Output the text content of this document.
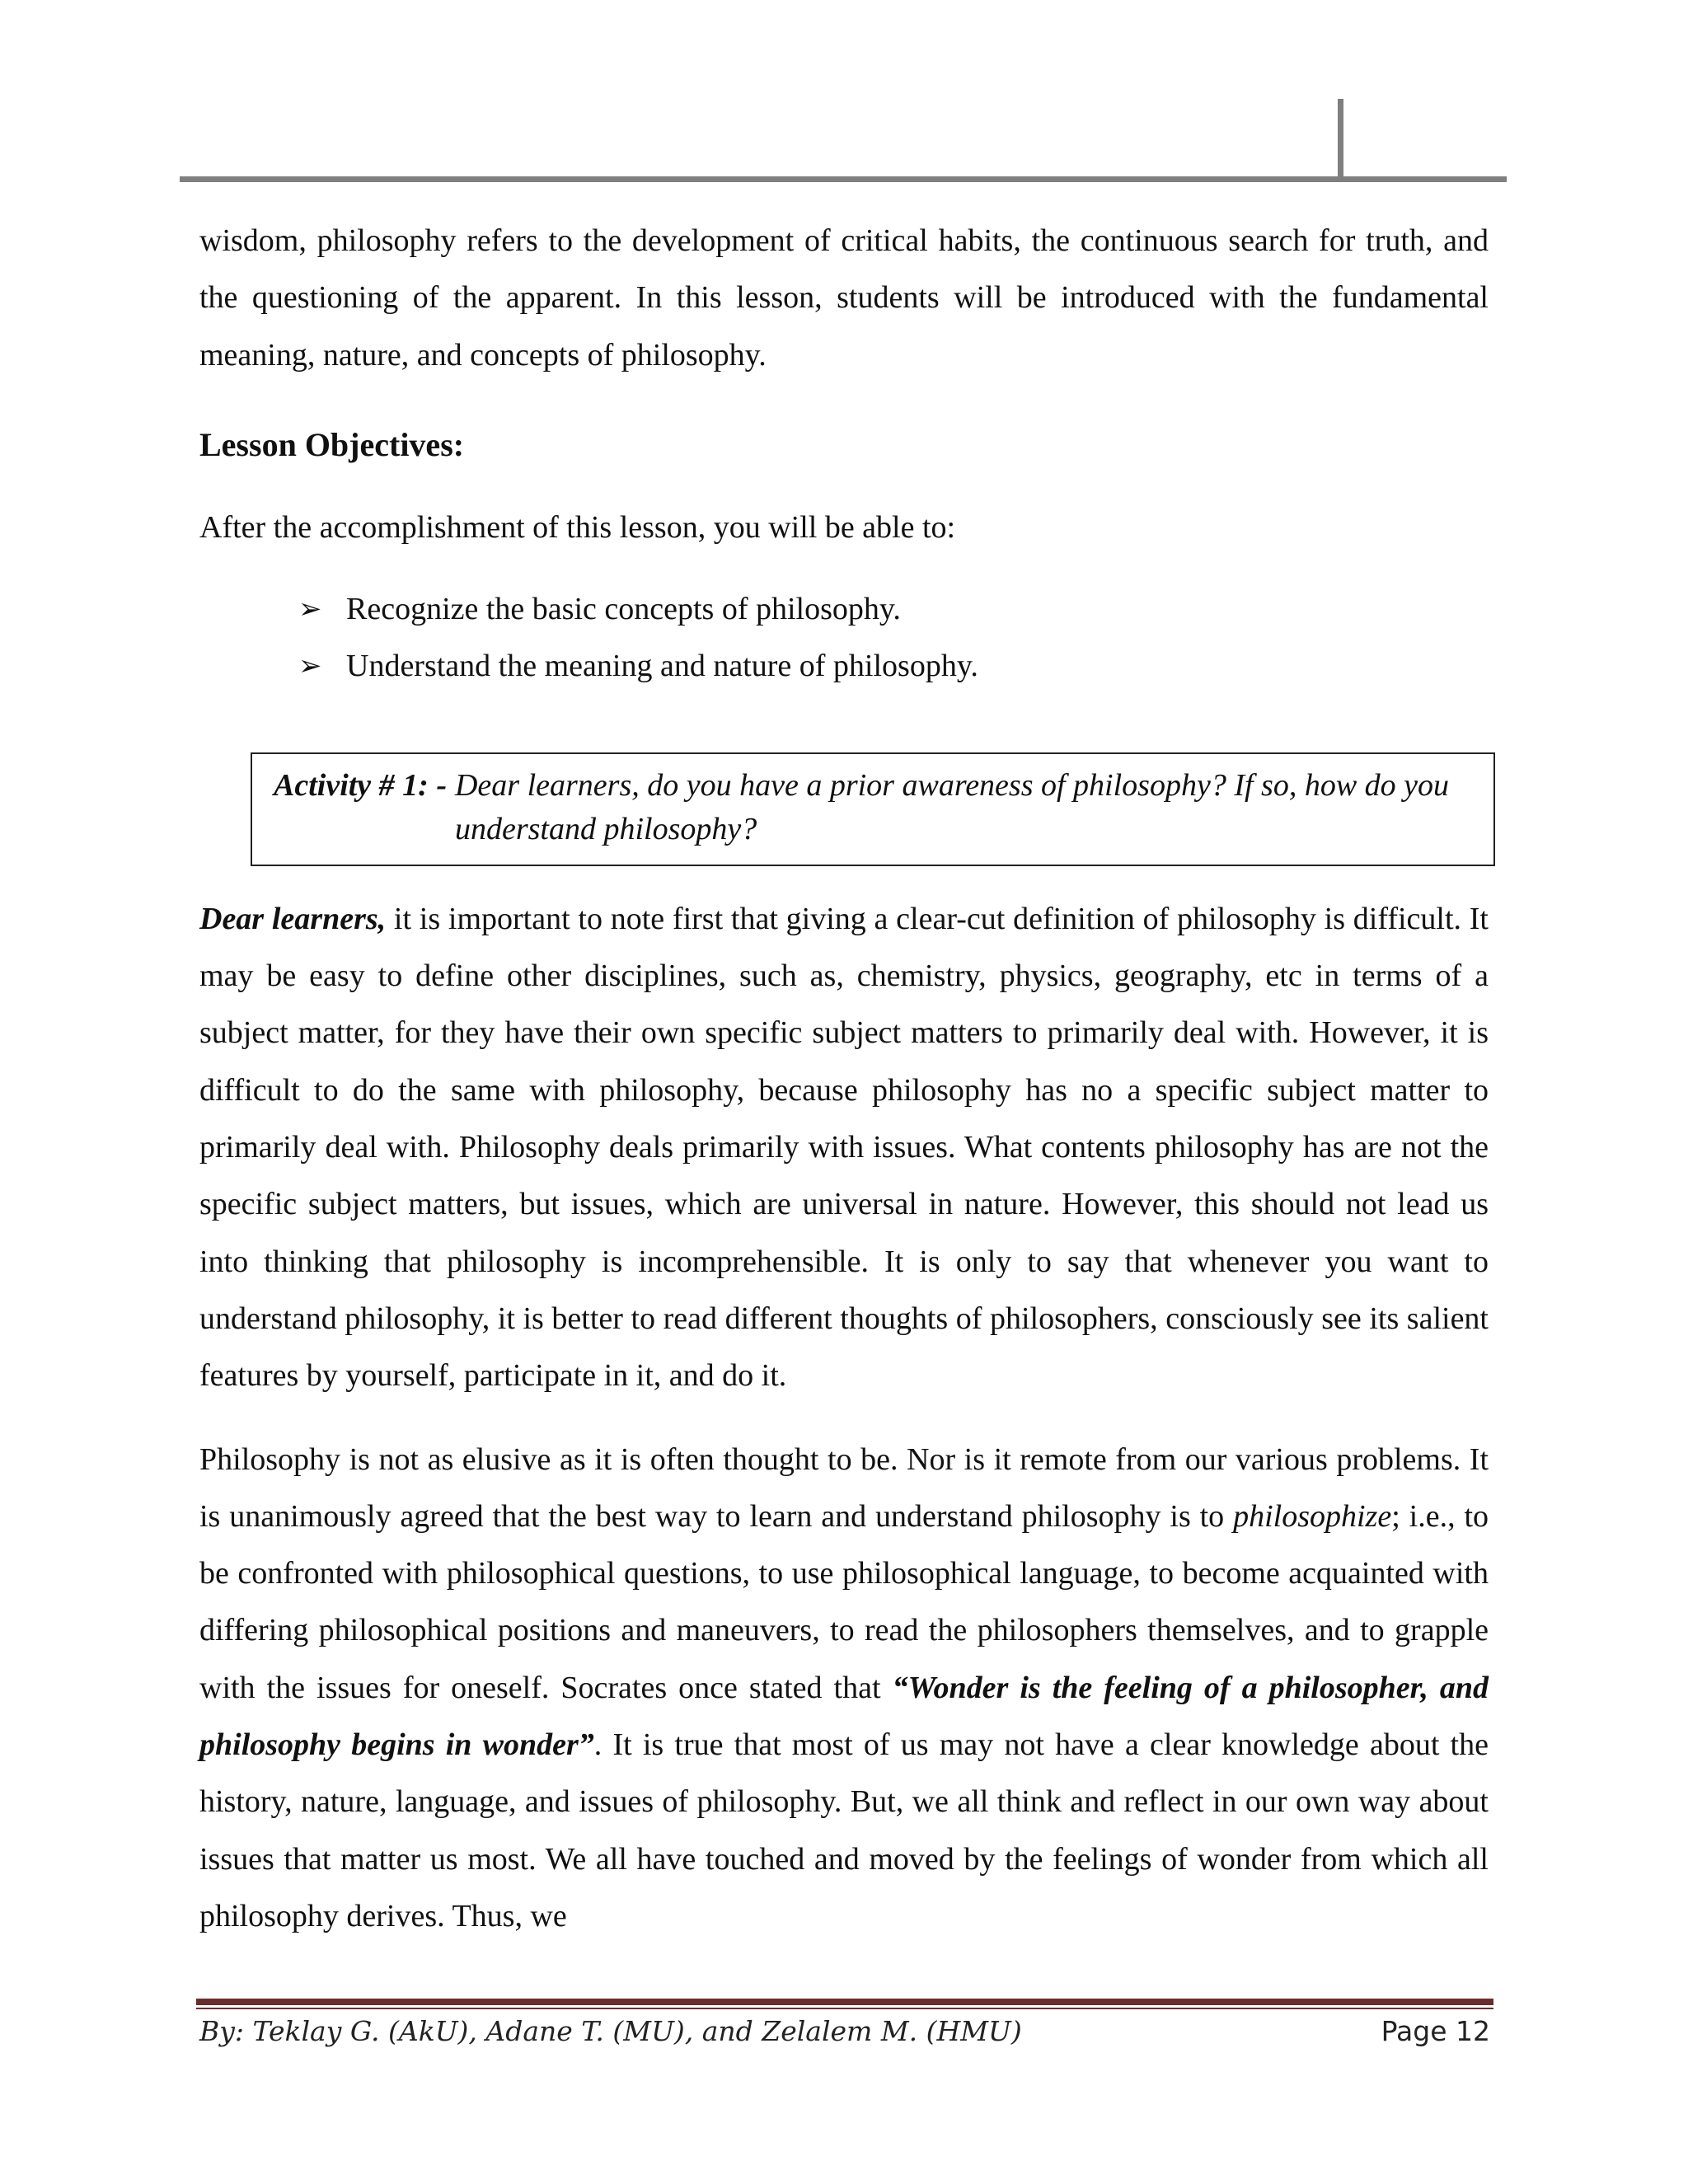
wisdom, philosophy refers to the development of critical habits, the continuous search for truth, and the questioning of the apparent. In this lesson, students will be introduced with the fundamental meaning, nature, and concepts of philosophy.

Lesson Objectives:

After the accomplishment of this lesson, you will be able to:

➢ Recognize the basic concepts of philosophy.
➢ Understand the meaning and nature of philosophy.
Activity # 1: - Dear learners, do you have a prior awareness of philosophy? If so, how do you understand philosophy?

Dear learners, it is important to note first that giving a clear-cut definition of philosophy is difficult. It may be easy to define other disciplines, such as, chemistry, physics, geography, etc in terms of a subject matter, for they have their own specific subject matters to primarily deal with. However, it is difficult to do the same with philosophy, because philosophy has no a specific subject matter to primarily deal with. Philosophy deals primarily with issues. What contents philosophy has are not the specific subject matters, but issues, which are universal in nature. However, this should not lead us into thinking that philosophy is incomprehensible. It is only to say that whenever you want to understand philosophy, it is better to read different thoughts of philosophers, consciously see its salient features by yourself, participate in it, and do it.

Philosophy is not as elusive as it is often thought to be. Nor is it remote from our various problems. It is unanimously agreed that the best way to learn and understand philosophy is to philosophize; i.e., to be confronted with philosophical questions, to use philosophical language, to become acquainted with differing philosophical positions and maneuvers, to read the philosophers themselves, and to grapple with the issues for oneself. Socrates once stated that “Wonder is the feeling of a philosopher, and philosophy begins in wonder”. It is true that most of us may not have a clear knowledge about the history, nature, language, and issues of philosophy. But, we all think and reflect in our own way about issues that matter us most. We all have touched and moved by the feelings of wonder from which all philosophy derives. Thus, we

By: Teklay G. (AkU), Adane T. (MU), and Zelalem M. (HMU)	Page 12
